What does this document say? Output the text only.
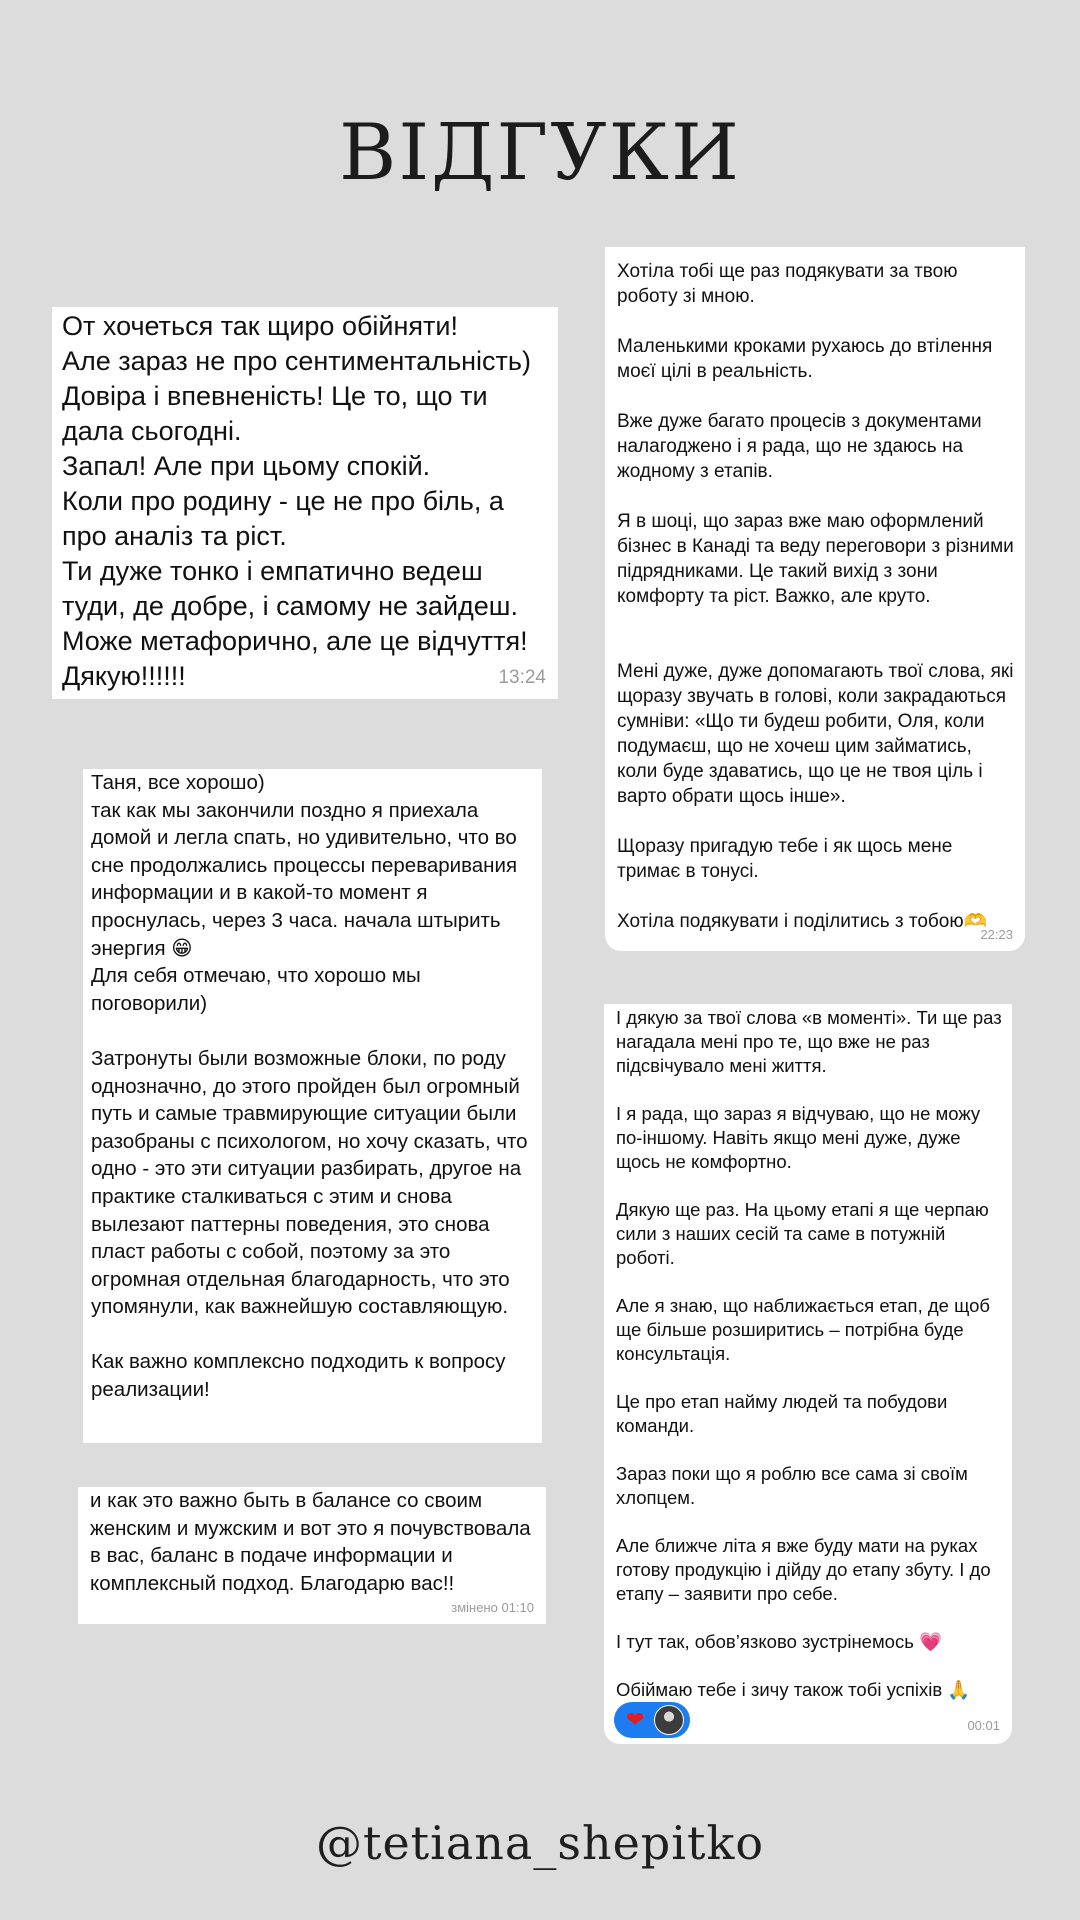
ВІДГУКИ
От хочеться так щиро обійняти!
Але зараз не про сентиментальність)
Довіра і впевненість! Це то, що ти дала сьогодні.
Запал! Але при цьому спокій.
Коли про родину - це не про біль, а про аналіз та ріст.
Ти дуже тонко і емпатично ведеш туди, де добре, і самому не зайдеш.
Може метафорично, але це відчуття!
Дякую!!!!!!	13:24
Хотіла тобі ще раз подякувати за твою роботу зі мною.

Маленькими кроками рухаюсь до втілення моєї цілі в реальність.

Вже дуже багато процесів з документами налагоджено і я рада, що не здаюсь на жодному з етапів.

Я в шоці, що зараз вже маю оформлений бізнес в Канаді та веду переговори з різними підрядниками. Це такий вихід з зони комфорту та ріст. Важко, але круто.

Мені дуже, дуже допомагають твої слова, які щоразу звучать в голові, коли закрадаються сумніви: «Що ти будеш робити, Оля, коли подумаєш, що не хочеш цим займатись, коли буде здаватись, що це не твоя ціль і варто обрати щось інше».

Щоразу пригадую тебе і як щось мене тримає в тонусі.

Хотіла подякувати і поділитись з тобою🫶
22:23
Таня, все хорошо)
так как мы закончили поздно я приехала домой и легла спать, но удивительно, что во сне продолжались процессы переваривания информации и в какой-то момент я проснулась, через 3 часа. начала штырить энергия 😁
Для себя отмечаю, что хорошо мы поговорили)

Затронуты были возможные блоки, по роду однозначно, до этого пройден был огромный путь и самые травмирующие ситуации были разобраны с психологом, но хочу сказать, что одно - это эти ситуации разбирать, другое на практике сталкиваться с этим и снова вылезают паттерны поведения, это снова пласт работы с собой, поэтому за это огромная отдельная благодарность, что это упомянули, как важнейшую составляющую.

Как важно комплексно подходить к вопросу реализации!
и как это важно быть в балансе со своим женским и мужским и вот это я почувствовала в вас, баланс в подаче информации и комплексный подход. Благодарю вас!!
змінено 01:10
І дякую за твої слова «в моменті». Ти ще раз нагадала мені про те, що вже не раз підсвічувало мені життя.

І я рада, що зараз я відчуваю, що не можу по-іншому. Навіть якщо мені дуже, дуже щось не комфортно.

Дякую ще раз. На цьому етапі я ще черпаю сили з наших сесій та саме в потужній роботі.

Але я знаю, що наближається етап, де щоб ще більше розширитись – потрібна буде консультація.

Це про етап найму людей та побудови команди.

Зараз поки що я роблю все сама зі своїм хлопцем.

Але ближче літа я вже буду мати на руках готову продукцію і дійду до етапу збуту. І до етапу – заявити про себе.

І тут так, обов’язково зустрінемось 💗

Обіймаю тебе і зичу також тобі успіхів 🙏
❤	00:01
@tetiana_shepitko
